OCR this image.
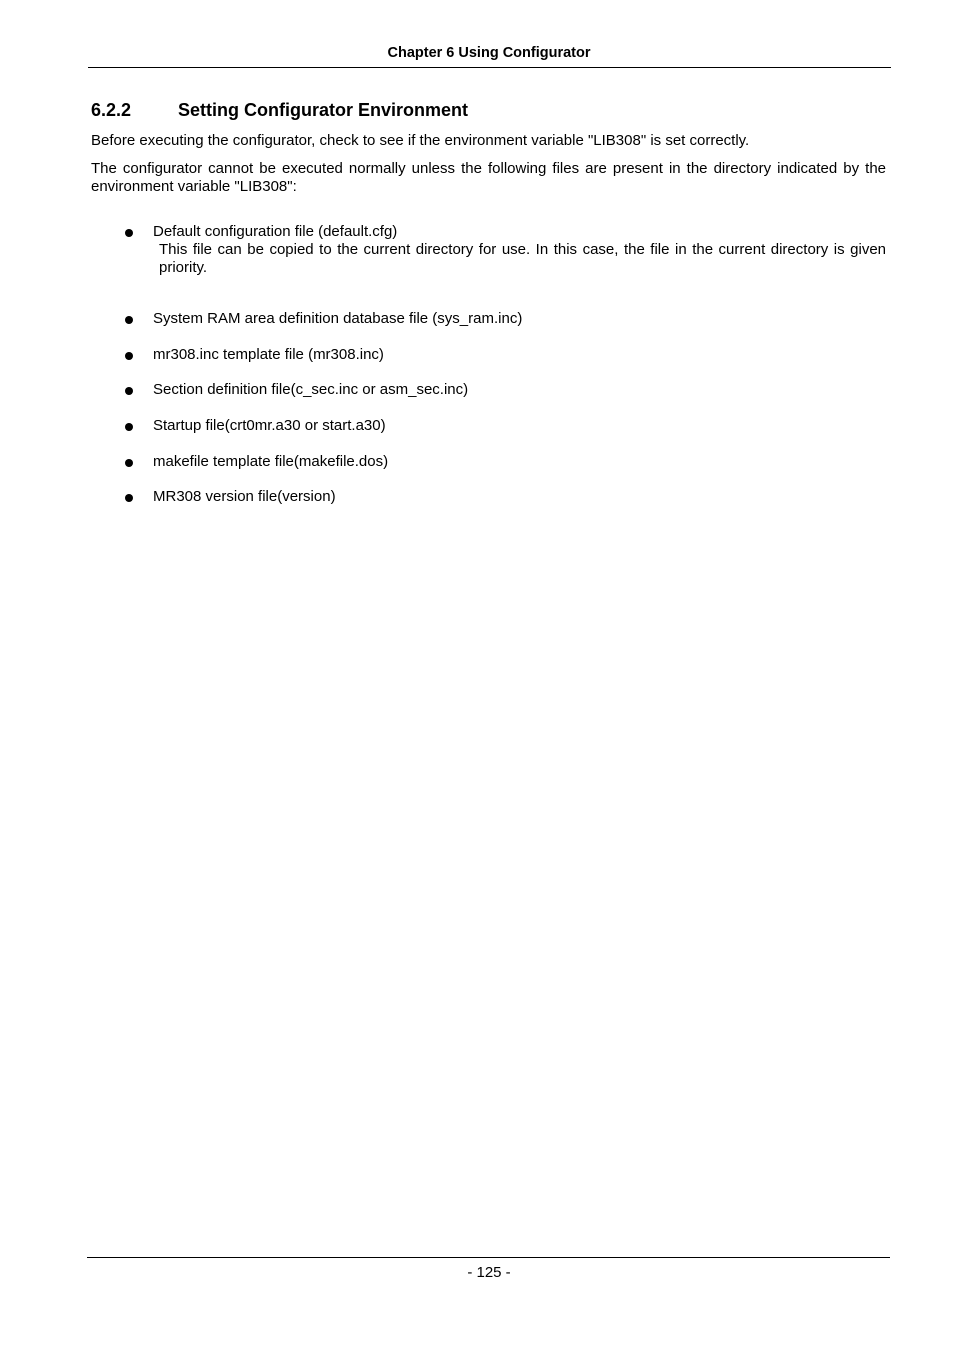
Chapter 6 Using Configurator
6.2.2	Setting Configurator Environment
Before executing the configurator, check to see if the environment variable "LIB308" is set correctly.
The configurator cannot be executed normally unless the following files are present in the directory indicated by the environment variable "LIB308":
Default configuration file (default.cfg)
This file can be copied to the current directory for use. In this case, the file in the current directory is given priority.
System RAM area definition database file (sys_ram.inc)
mr308.inc template file (mr308.inc)
Section definition file(c_sec.inc or asm_sec.inc)
Startup file(crt0mr.a30 or start.a30)
makefile template file(makefile.dos)
MR308 version file(version)
- 125 -
